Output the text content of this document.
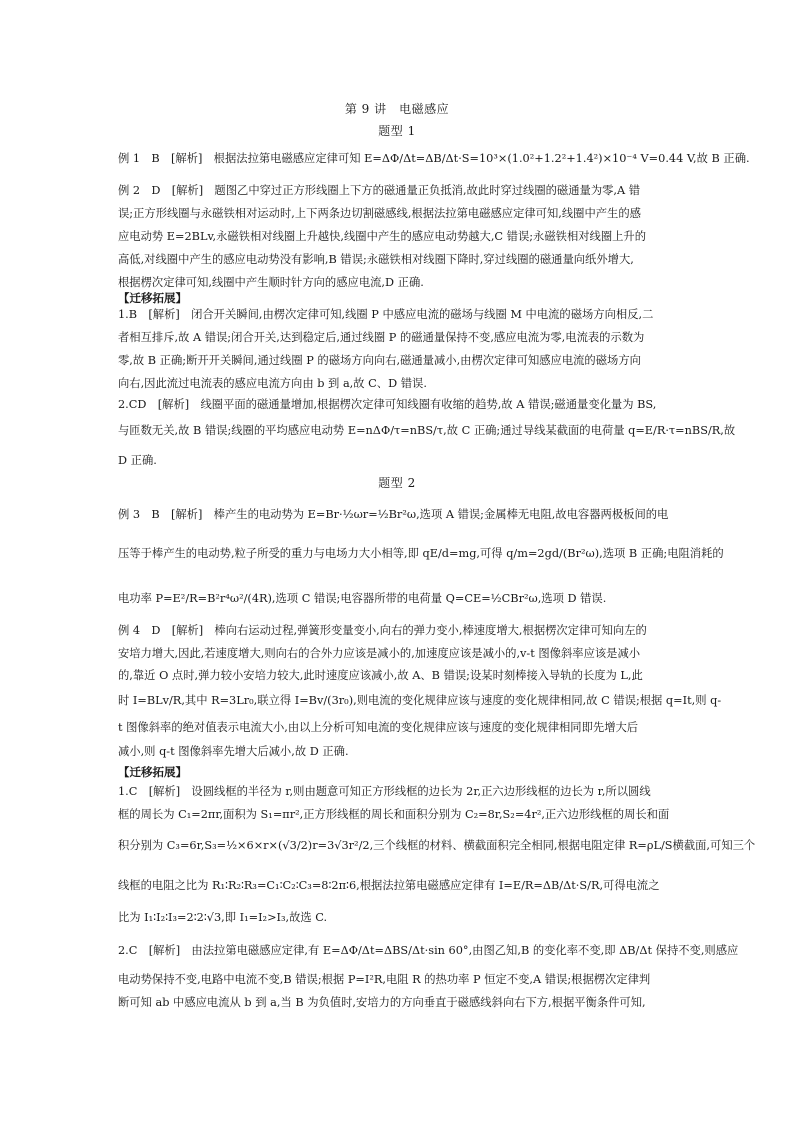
第 9 讲　电磁感应
题型 1
例 1　B　[解析]　根据法拉第电磁感应定律可知 E=ΔΦ/Δt=ΔB/Δt·S=10³×(1.0²+1.2²+1.4²)×10⁻⁴ V=0.44 V,故 B 正确.
例 2　D　[解析]　题图乙中穿过正方形线圈上下方的磁通量正负抵消,故此时穿过线圈的磁通量为零,A 错
误;正方形线圈与永磁铁相对运动时,上下两条边切割磁感线,根据法拉第电磁感应定律可知,线圈中产生的感
应电动势 E=2BLv,永磁铁相对线圈上升越快,线圈中产生的感应电动势越大,C 错误;永磁铁相对线圈上升的
高低,对线圈中产生的感应电动势没有影响,B 错误;永磁铁相对线圈下降时,穿过线圈的磁通量向纸外增大,
根据楞次定律可知,线圈中产生顺时针方向的感应电流,D 正确.
【迁移拓展】
1.B　[解析]　闭合开关瞬间,由楞次定律可知,线圈 P 中感应电流的磁场与线圈 M 中电流的磁场方向相反,二
者相互排斥,故 A 错误;闭合开关,达到稳定后,通过线圈 P 的磁通量保持不变,感应电流为零,电流表的示数为
零,故 B 正确;断开开关瞬间,通过线圈 P 的磁场方向向右,磁通量减小,由楞次定律可知感应电流的磁场方向
向右,因此流过电流表的感应电流方向由 b 到 a,故 C、D 错误.
2.CD　[解析]　线圈平面的磁通量增加,根据楞次定律可知线圈有收缩的趋势,故 A 错误;磁通量变化量为 BS,
与匝数无关,故 B 错误;线圈的平均感应电动势 E=nΔΦ/τ=nBS/τ,故 C 正确;通过导线某截面的电荷量 q=E/R·τ=nBS/R,故
D 正确.
题型 2
例 3　B　[解析]　棒产生的电动势为 E=Br·½ωr=½Br²ω,选项 A 错误;金属棒无电阻,故电容器两极板间的电
压等于棒产生的电动势,粒子所受的重力与电场力大小相等,即 qE/d=mg,可得 q/m=2gd/(Br²ω),选项 B 正确;电阻消耗的
电功率 P=E²/R=B²r⁴ω²/(4R),选项 C 错误;电容器所带的电荷量 Q=CE=½CBr²ω,选项 D 错误.
例 4　D　[解析]　棒向右运动过程,弹簧形变量变小,向右的弹力变小,棒速度增大,根据楞次定律可知向左的
安培力增大,因此,若速度增大,则向右的合外力应该是减小的,加速度应该是减小的,v-t 图像斜率应该是减小
的,靠近 O 点时,弹力较小安培力较大,此时速度应该减小,故 A、B 错误;设某时刻棒接入导轨的长度为 L,此
时 I=BLv/R,其中 R=3Lr₀,联立得 I=Bv/(3r₀),则电流的变化规律应该与速度的变化规律相同,故 C 错误;根据 q=It,则 q-
t 图像斜率的绝对值表示电流大小,由以上分析可知电流的变化规律应该与速度的变化规律相同即先增大后
减小,则 q-t 图像斜率先增大后减小,故 D 正确.
【迁移拓展】
1.C　[解析]　设圆线框的半径为 r,则由题意可知正方形线框的边长为 2r,正六边形线框的边长为 r,所以圆线
框的周长为 C₁=2πr,面积为 S₁=πr²,正方形线框的周长和面积分别为 C₂=8r,S₂=4r²,正六边形线框的周长和面
积分别为 C₃=6r,S₃=½×6×r×(√3/2)r=3√3r²/2,三个线框的材料、横截面积完全相同,根据电阻定律 R=ρL/S横截面,可知三个
线框的电阻之比为 R₁∶R₂∶R₃=C₁∶C₂∶C₃=8∶2π∶6,根据法拉第电磁感应定律有 I=E/R=ΔB/Δt·S/R,可得电流之
比为 I₁∶I₂∶I₃=2∶2∶√3,即 I₁=I₂>I₃,故选 C.
2.C　[解析]　由法拉第电磁感应定律,有 E=ΔΦ/Δt=ΔBS/Δt·sin 60°,由图乙知,B 的变化率不变,即 ΔB/Δt 保持不变,则感应
电动势保持不变,电路中电流不变,B 错误;根据 P=I²R,电阻 R 的热功率 P 恒定不变,A 错误;根据楞次定律判
断可知 ab 中感应电流从 b 到 a,当 B 为负值时,安培力的方向垂直于磁感线斜向右下方,根据平衡条件可知,
